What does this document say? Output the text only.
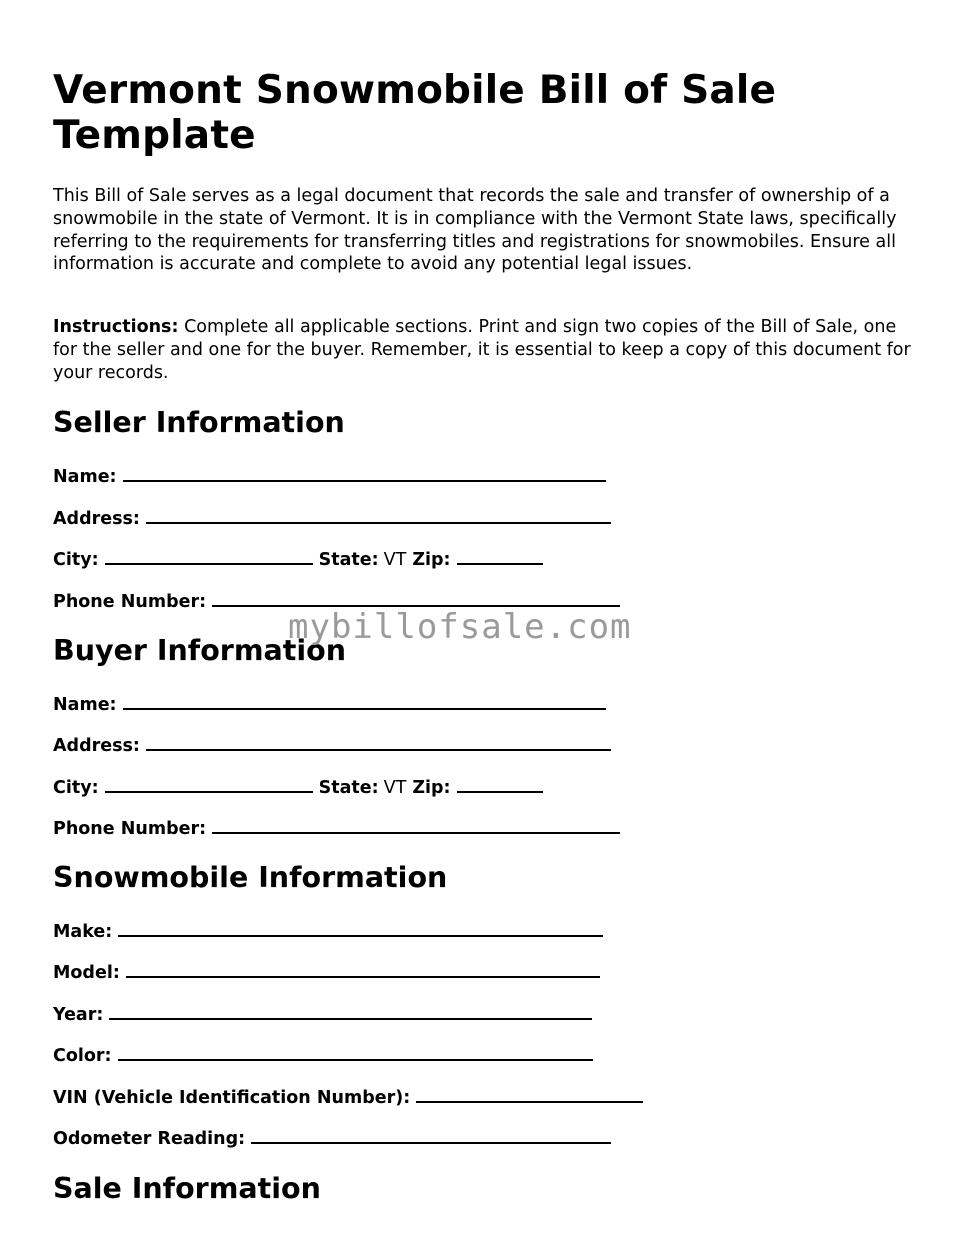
Vermont Snowmobile Bill of Sale Template

This Bill of Sale serves as a legal document that records the sale and transfer of ownership of a snowmobile in the state of Vermont. It is in compliance with the Vermont State laws, specifically referring to the requirements for transferring titles and registrations for snowmobiles. Ensure all information is accurate and complete to avoid any potential legal issues.

Instructions: Complete all applicable sections. Print and sign two copies of the Bill of Sale, one for the seller and one for the buyer. Remember, it is essential to keep a copy of this document for your records.

Seller Information
Name:
Address:
City:	State: VT Zip:
Phone Number:
Buyer Information
Name:
Address:
City:	State: VT Zip:
Phone Number:
Snowmobile Information
Make:
Model:
Year:
Color:
VIN (Vehicle Identification Number):
Odometer Reading:
Sale Information
mybillofsale.com
